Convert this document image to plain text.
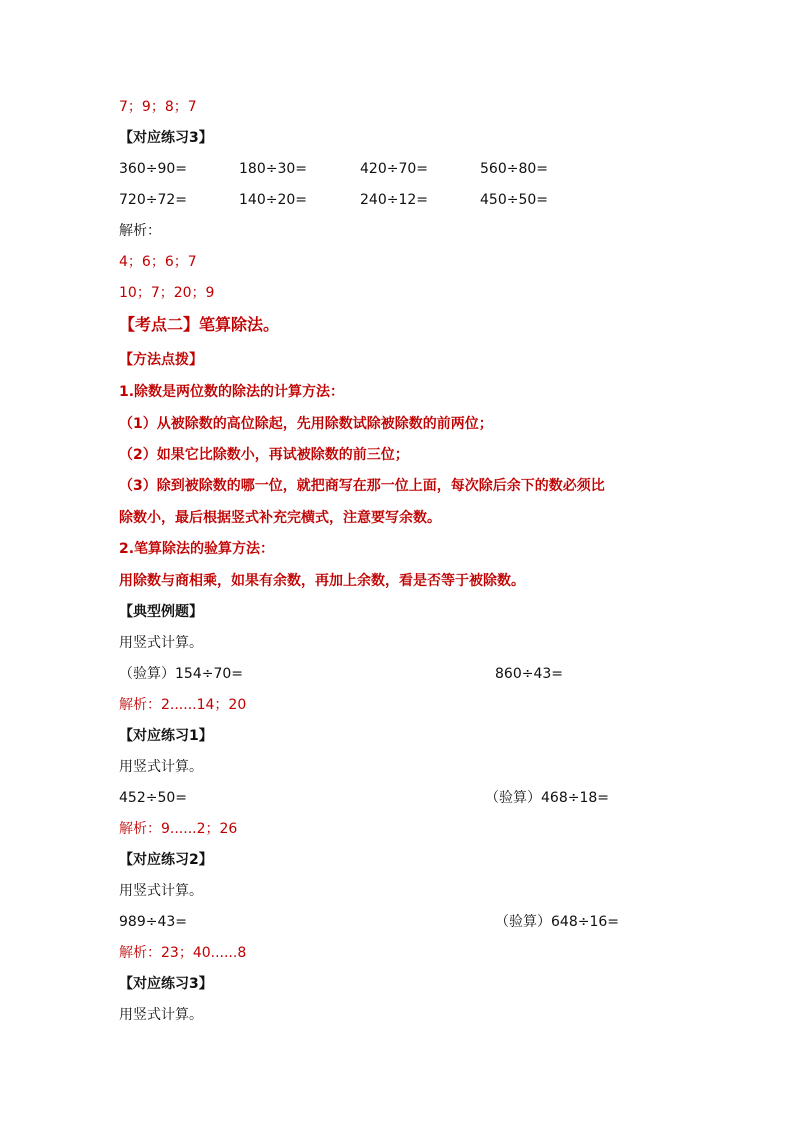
7；9；8；7
【对应练习3】
360÷90=	180÷30=	420÷70=	560÷80=
720÷72=	140÷20=	240÷12=	450÷50=
解析：
4；6；6；7
10；7；20；9
【考点二】笔算除法。
【方法点拨】
1.除数是两位数的除法的计算方法：
（1）从被除数的高位除起，先用除数试除被除数的前两位；
（2）如果它比除数小，再试被除数的前三位；
（3）除到被除数的哪一位，就把商写在那一位上面，每次除后余下的数必须比
除数小，最后根据竖式补充完横式，注意要写余数。
2.笔算除法的验算方法：
用除数与商相乘，如果有余数，再加上余数，看是否等于被除数。
【典型例题】
用竖式计算。
（验算）154÷70=	860÷43=
解析：2......14；20
【对应练习1】
用竖式计算。
452÷50=	（验算）468÷18=
解析：9......2；26
【对应练习2】
用竖式计算。
989÷43=	（验算）648÷16=
解析：23；40......8
【对应练习3】
用竖式计算。
